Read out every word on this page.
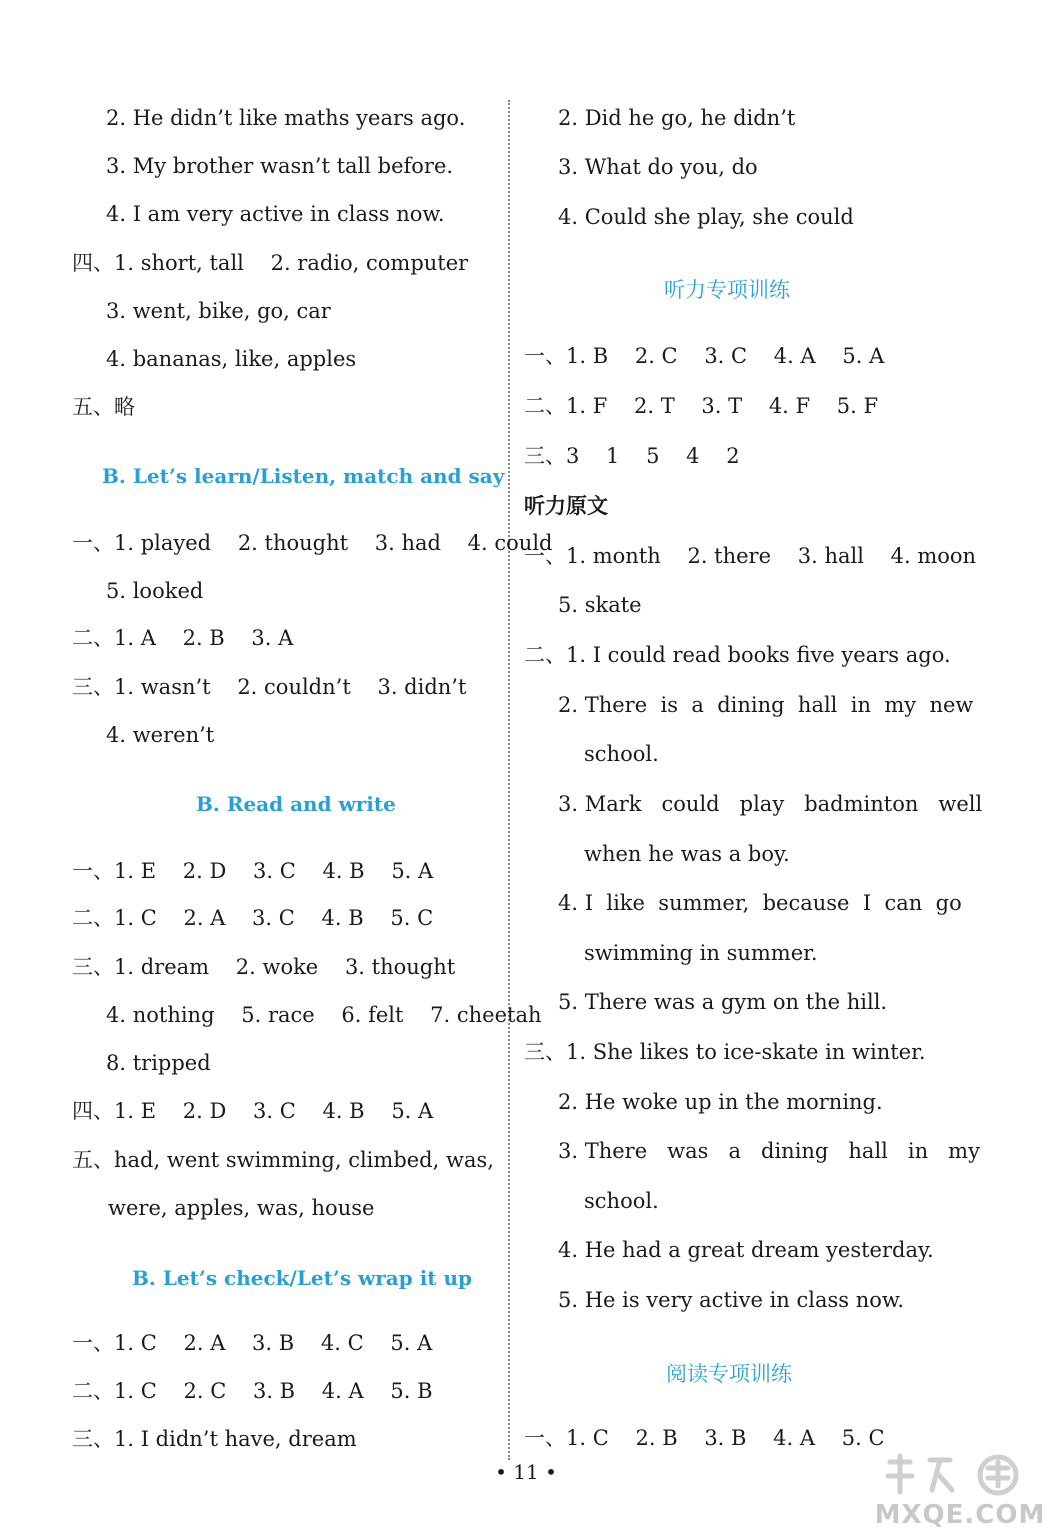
2. He didn’t like maths years ago.
3. My brother wasn’t tall before.
4. I am very active in class now.
四、1. short, tall    2. radio, computer
3. went, bike, go, car
4. bananas, like, apples
五、略
B. Let’s learn/Listen, match and say
一、1. played    2. thought    3. had    4. could
5. looked
二、1. A    2. B    3. A
三、1. wasn’t    2. couldn’t    3. didn’t
4. weren’t
B. Read and write
一、1. E    2. D    3. C    4. B    5. A
二、1. C    2. A    3. C    4. B    5. C
三、1. dream    2. woke    3. thought
4. nothing    5. race    6. felt    7. cheetah
8. tripped
四、1. E    2. D    3. C    4. B    5. A
五、had, went swimming, climbed, was,
were, apples, was, house
B. Let’s check/Let’s wrap it up
一、1. C    2. A    3. B    4. C    5. A
二、1. C    2. C    3. B    4. A    5. B
三、1. I didn’t have, dream
2. Did he go, he didn’t
3. What do you, do
4. Could she play, she could
听力专项训练
一、1. B    2. C    3. C    4. A    5. A
二、1. F    2. T    3. T    4. F    5. F
三、3    1    5    4    2
听力原文
一、1. month    2. there    3. hall    4. moon
5. skate
二、1. I could read books five years ago.
2. There  is  a  dining  hall  in  my  new
school.
3. Mark   could   play   badminton   well
when he was a boy.
4. I  like  summer,  because  I  can  go
swimming in summer.
5. There was a gym on the hill.
三、1. She likes to ice-skate in winter.
2. He woke up in the morning.
3. There   was   a   dining   hall   in   my
school.
4. He had a great dream yesterday.
5. He is very active in class now.
阅读专项训练
一、1. C    2. B    3. B    4. A    5. C
• 11 •
MXQE.COM
